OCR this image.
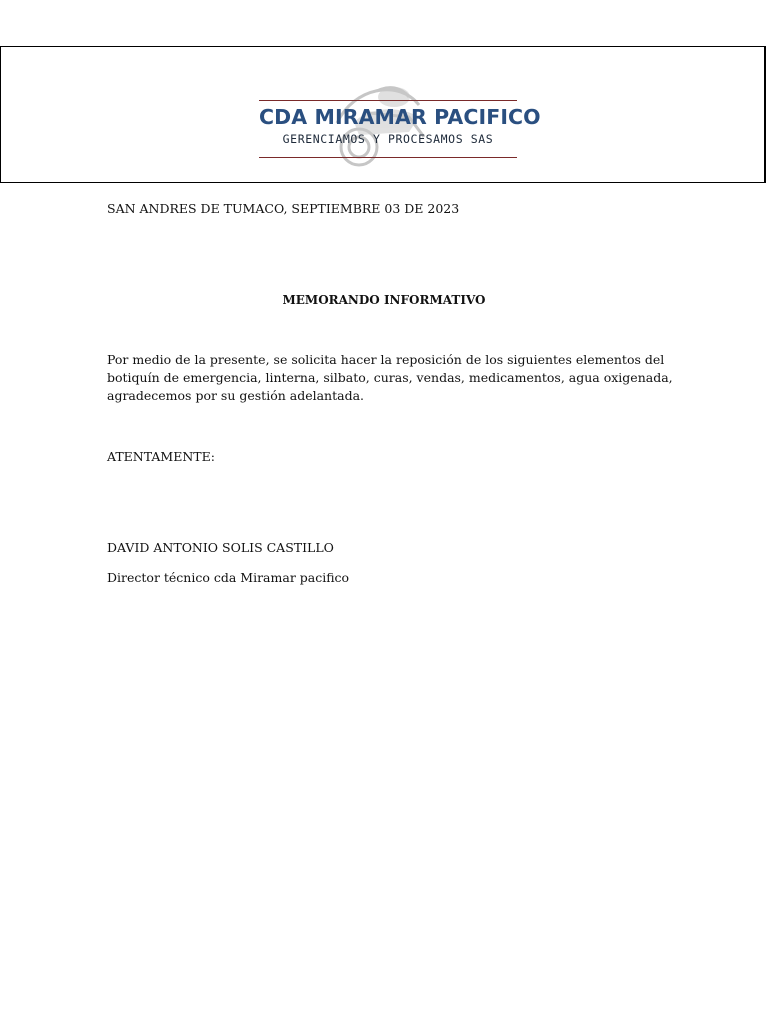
CDA MIRAMAR PACIFICO
GERENCIAMOS Y PROCESAMOS SAS
SAN ANDRES DE TUMACO, SEPTIEMBRE 03 DE 2023
MEMORANDO INFORMATIVO
Por medio de la presente, se solicita hacer la reposición de los siguientes elementos del
botiquín de emergencia, linterna, silbato, curas, vendas, medicamentos, agua oxigenada,
agradecemos por su gestión adelantada.
ATENTAMENTE:
DAVID ANTONIO SOLIS CASTILLO
Director técnico cda Miramar pacifico
